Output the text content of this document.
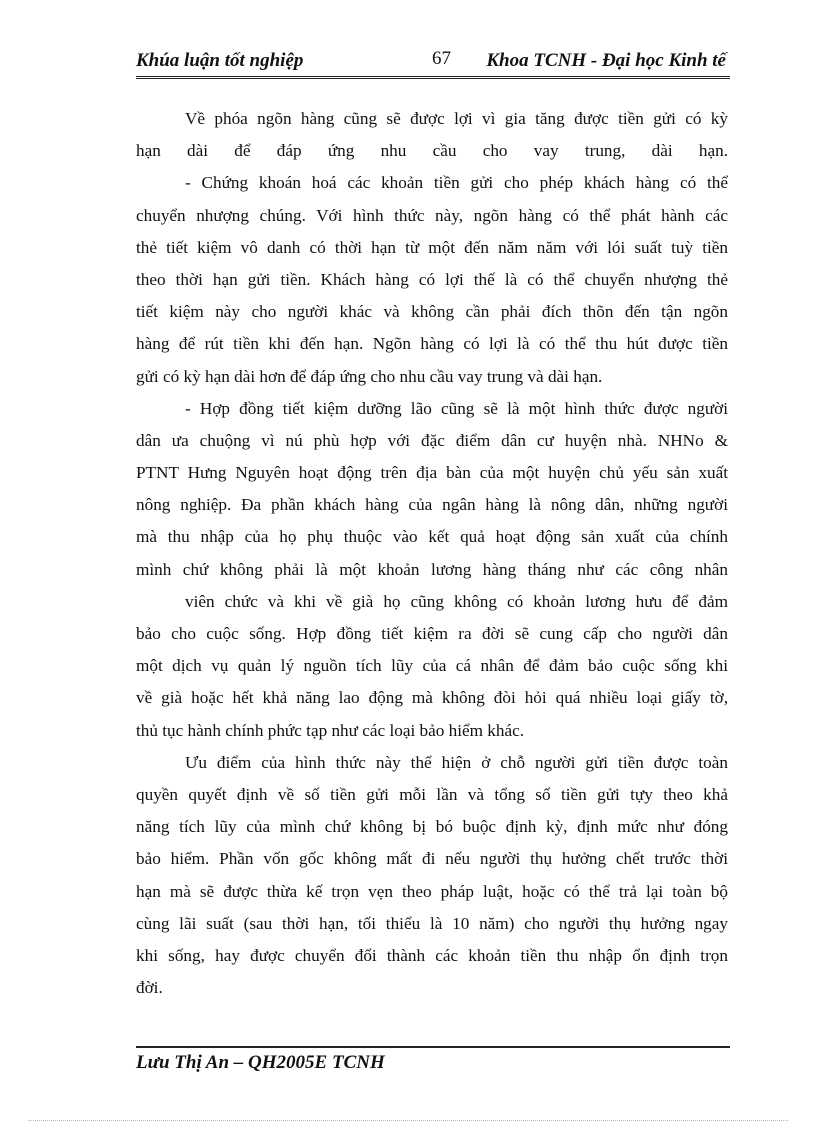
Khúa luận tốt nghiệp	67 Khoa TCNH - Đại học Kinh tế
Về phóa ngõn hàng cũng sẽ được lợi vì gia tăng được tiền gửi có kỳ
hạn dài để đáp ứng nhu cầu cho vay trung, dài hạn.
- Chứng khoán hoá các khoản tiền gửi cho phép khách hàng có thể
chuyển nhượng chúng. Với hình thức này, ngõn hàng có thể phát hành các
thẻ tiết kiệm vô danh có thời hạn từ một đến năm năm với lói suất tuỳ tiền
theo thời hạn gửi tiền. Khách hàng có lợi thế là có thể chuyển nhượng thẻ
tiết kiệm này cho người khác và không cần phải đích thõn đến tận ngõn
hàng để rút tiền khi đến hạn. Ngõn hàng có lợi là có thể thu hút được tiền
gửi có kỳ hạn dài hơn để đáp ứng cho nhu cầu vay trung và dài hạn.
- Hợp đồng tiết kiệm dưỡng lão cũng sẽ là một hình thức được người
dân ưa chuộng vì nú phù hợp với đặc điểm dân cư huyện nhà. NHNo &
PTNT Hưng Nguyên hoạt động trên địa bàn của một huyện chủ yếu sản xuất
nông nghiệp. Đa phần khách hàng của ngân hàng là nông dân, những người
mà thu nhập của họ phụ thuộc vào kết quả hoạt động sản xuất của chính
mình chứ không phải là một khoản lương hàng tháng như các công nhân
viên chức và khi về già họ cũng không có khoản lương hưu để đảm
bảo cho cuộc sống. Hợp đồng tiết kiệm ra đời sẽ cung cấp cho người dân
một dịch vụ quản lý nguồn tích lũy của cá nhân để đảm bảo cuộc sống khi
về già hoặc hết khả năng lao động mà không đòi hỏi quá nhiều loại giấy tờ,
thủ tục hành chính phức tạp như các loại bảo hiểm khác.
Ưu điểm của hình thức này thể hiện ở chỗ người gửi tiền được toàn
quyền quyết định về số tiền gửi mỗi lần và tổng số tiền gửi tựy theo khả
năng tích lũy của mình chứ không bị bó buộc định kỳ, định mức như đóng
bảo hiểm. Phần vốn gốc không mất đi nếu người thụ hưởng chết trước thời
hạn mà sẽ được thừa kế trọn vẹn theo pháp luật, hoặc có thể trả lại toàn bộ
cùng lãi suất (sau thời hạn, tối thiểu là 10 năm) cho người thụ hưởng ngay
khi sống, hay được chuyển đổi thành các khoản tiền thu nhập ổn định trọn
đời.
Lưu Thị An – QH2005E TCNH
